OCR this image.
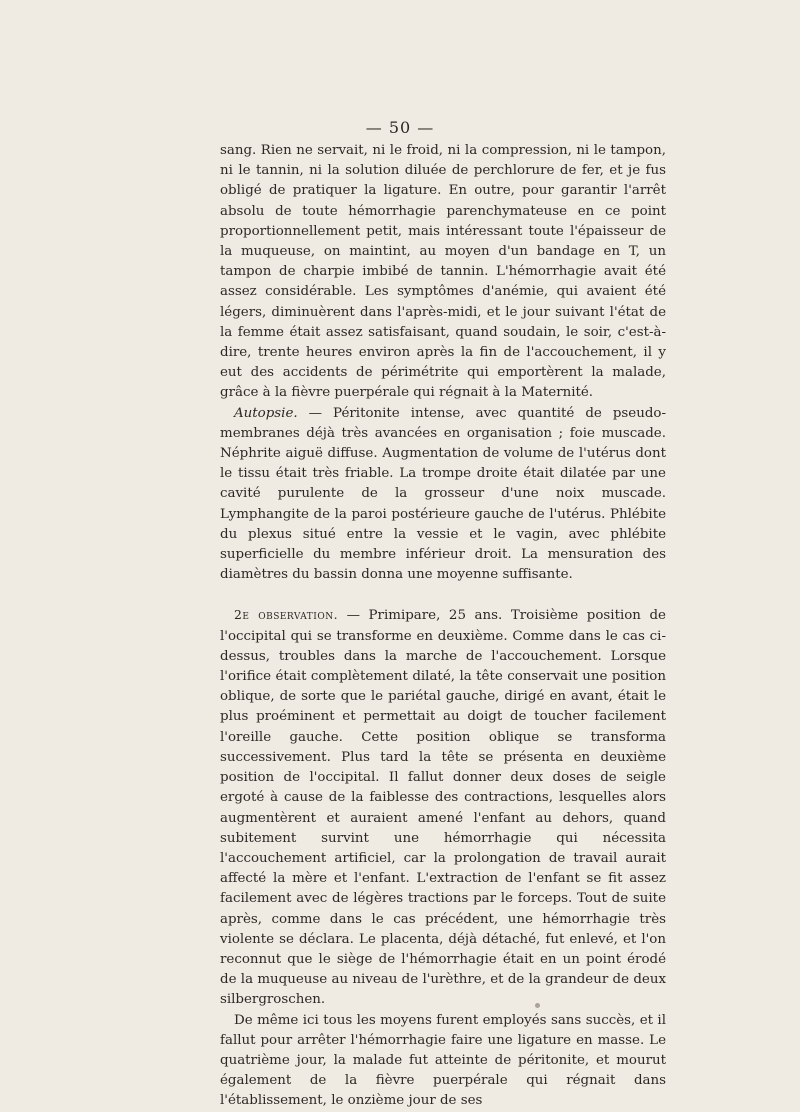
— 50 —

sang. Rien ne servait, ni le froid, ni la compression, ni le tampon, ni le tannin, ni la solution diluée de perchlorure de fer, et je fus obligé de pratiquer la ligature. En outre, pour garantir l'arrêt absolu de toute hémorrhagie parenchymateuse en ce point proportionnellement petit, mais intéressant toute l'épaisseur de la muqueuse, on maintint, au moyen d'un bandage en T, un tampon de charpie imbibé de tannin. L'hémorrhagie avait été assez considérable. Les symptômes d'anémie, qui avaient été légers, diminuèrent dans l'après-midi, et le jour suivant l'état de la femme était assez satisfaisant, quand soudain, le soir, c'est-à-dire, trente heures environ après la fin de l'accouchement, il y eut des accidents de périmétrite qui emportèrent la malade, grâce à la fièvre puerpérale qui régnait à la Maternité.

Autopsie. — Péritonite intense, avec quantité de pseudo-membranes déjà très avancées en organisation ; foie muscade. Néphrite aiguë diffuse. Augmentation de volume de l'utérus dont le tissu était très friable. La trompe droite était dilatée par une cavité purulente de la grosseur d'une noix muscade. Lymphangite de la paroi postérieure gauche de l'utérus. Phlébite du plexus situé entre la vessie et le vagin, avec phlébite superficielle du membre inférieur droit. La mensuration des diamètres du bassin donna une moyenne suffisante.

2e observation. — Primipare, 25 ans. Troisième position de l'occipital qui se transforme en deuxième. Comme dans le cas ci-dessus, troubles dans la marche de l'accouchement. Lorsque l'orifice était complètement dilaté, la tête conservait une position oblique, de sorte que le pariétal gauche, dirigé en avant, était le plus proéminent et permettait au doigt de toucher facilement l'oreille gauche. Cette position oblique se transforma successivement. Plus tard la tête se présenta en deuxième position de l'occipital. Il fallut donner deux doses de seigle ergoté à cause de la faiblesse des contractions, lesquelles alors augmentèrent et auraient amené l'enfant au dehors, quand subitement survint une hémorrhagie qui nécessita l'accouchement artificiel, car la prolongation de travail aurait affecté la mère et l'enfant. L'extraction de l'enfant se fit assez facilement avec de légères tractions par le forceps. Tout de suite après, comme dans le cas précédent, une hémorrhagie très violente se déclara. Le placenta, déjà détaché, fut enlevé, et l'on reconnut que le siège de l'hémorrhagie était en un point érodé de la muqueuse au niveau de l'urèthre, et de la grandeur de deux silbergroschen.

De même ici tous les moyens furent employés sans succès, et il fallut pour arrêter l'hémorrhagie faire une ligature en masse. Le quatrième jour, la malade fut atteinte de péritonite, et mourut également de la fièvre puerpérale qui régnait dans l'établissement, le onzième jour de ses
